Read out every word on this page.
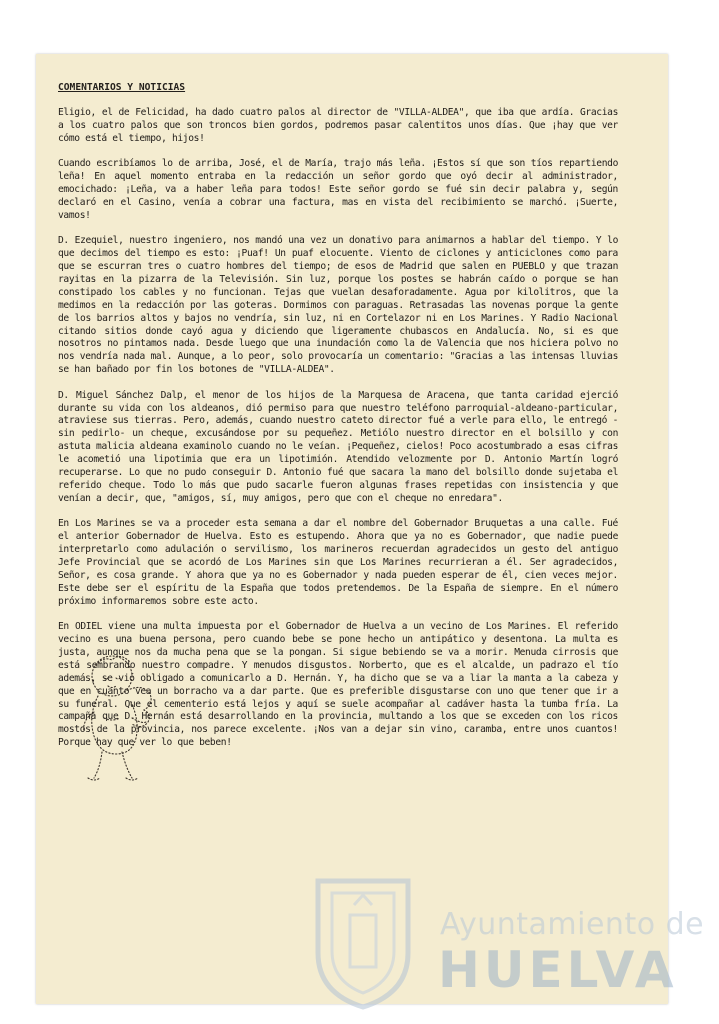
COMENTARIOS Y NOTICIAS

Eligio, el de Felicidad, ha dado cuatro palos al director de "VILLA-ALDEA", que iba que ardía. Gracias a los cuatro palos que son troncos bien gordos, podremos pasar calentitos unos días. Que ¡hay que ver cómo está el tiempo, hijos!

Cuando escribíamos lo de arriba, José, el de María, trajo más leña. ¡Estos sí que son tíos repartiendo leña! En aquel momento entraba en la redacción un señor gordo que oyó decir al administrador, emocichado: ¡Leña, va a haber leña para todos! Este señor gordo se fué sin decir palabra y, según declaró en el Casino, venía a cobrar una factura, mas en vista del recibimiento se marchó. ¡Suerte, vamos!

D. Ezequiel, nuestro ingeniero, nos mandó una vez un donativo para animarnos a hablar del tiempo. Y lo que decimos del tiempo es esto: ¡Puaf! Un puaf elocuente. Viento de ciclones y anticiclones como para que se escurran tres o cuatro hombres del tiempo; de esos de Madrid que salen en PUEBLO y que trazan rayitas en la pizarra de la Televisión. Sin luz, porque los postes se habrán caído o porque se han constipado los cables y no funcionan. Tejas que vuelan desaforadamente. Agua por kilolitros, que la medimos en la redacción por las goteras. Dormimos con paraguas. Retrasadas las novenas porque la gente de los barrios altos y bajos no vendría, sin luz, ni en Cortelazor ni en Los Marines. Y Radio Nacional citando sitios donde cayó agua y diciendo que ligeramente chubascos en Andalucía. No, si es que nosotros no pintamos nada. Desde luego que una inundación como la de Valencia que nos hiciera polvo no nos vendría nada mal. Aunque, a lo peor, solo provocaría un comentario: "Gracias a las intensas lluvias se han bañado por fin los botones de "VILLA-ALDEA".

D. Miguel Sánchez Dalp, el menor de los hijos de la Marquesa de Aracena, que tanta caridad ejerció durante su vida con los aldeanos, dió permiso para que nuestro teléfono parroquial-aldeano-particular, atraviese sus tierras. Pero, además, cuando nuestro cateto director fué a verle para ello, le entregó -sin pedirlo- un cheque, excusándose por su pequeñez. Metiólo nuestro director en el bolsillo y con astuta malicia aldeana examinolo cuando no le veían. ¡Pequeñez, cielos! Poco acostumbrado a esas cifras le acometió una lipotimia que era un lipotimión. Atendido velozmente por D. Antonio Martín logró recuperarse. Lo que no pudo conseguir D. Antonio fué que sacara la mano del bolsillo donde sujetaba el referido cheque. Todo lo más que pudo sacarle fueron algunas frases repetidas con insistencia y que venían a decir, que, "amigos, sí, muy amigos, pero que con el cheque no enredara".

En Los Marines se va a proceder esta semana a dar el nombre del Gobernador Bruquetas a una calle. Fué el anterior Gobernador de Huelva. Esto es estupendo. Ahora que ya no es Gobernador, que nadie puede interpretarlo como adulación o servilismo, los marineros recuerdan agradecidos un gesto del antiguo Jefe Provincial que se acordó de Los Marines sin que Los Marines recurrieran a él. Ser agradecidos, Señor, es cosa grande. Y ahora que ya no es Gobernador y nada pueden esperar de él, cien veces mejor. Este debe ser el espíritu de la España que todos pretendemos. De la España de siempre. En el número próximo informaremos sobre este acto.

En ODIEL viene una multa impuesta por el Gobernador de Huelva a un vecino de Los Marines. El referido vecino es una buena persona, pero cuando bebe se pone hecho un antipático y desentona. La multa es justa, aunque nos da mucha pena que se la pongan. Si sigue bebiendo se va a morir. Menuda cirrosis que está sembrando nuestro compadre. Y menudos disgustos. Norberto, que es el alcalde, un padrazo el tío además, se vió obligado a comunicarlo a D. Hernán. Y, ha dicho que se va a liar la manta a la cabeza y que en cuanto vea un borracho va a dar parte. Que es preferible disgustarse con uno que tener que ir a su funeral. Que el cementerio está lejos y aquí se suele acompañar al cadáver hasta la tumba fría. La campaña que D. Hernán está desarrollando en la provincia, multando a los que se exceden con los ricos mostos de la provincia, nos parece excelente. ¡Nos van a dejar sin vino, caramba, entre unos cuantos! Porque hay que ver lo que beben!

Ayuntamiento de
HUELVA
